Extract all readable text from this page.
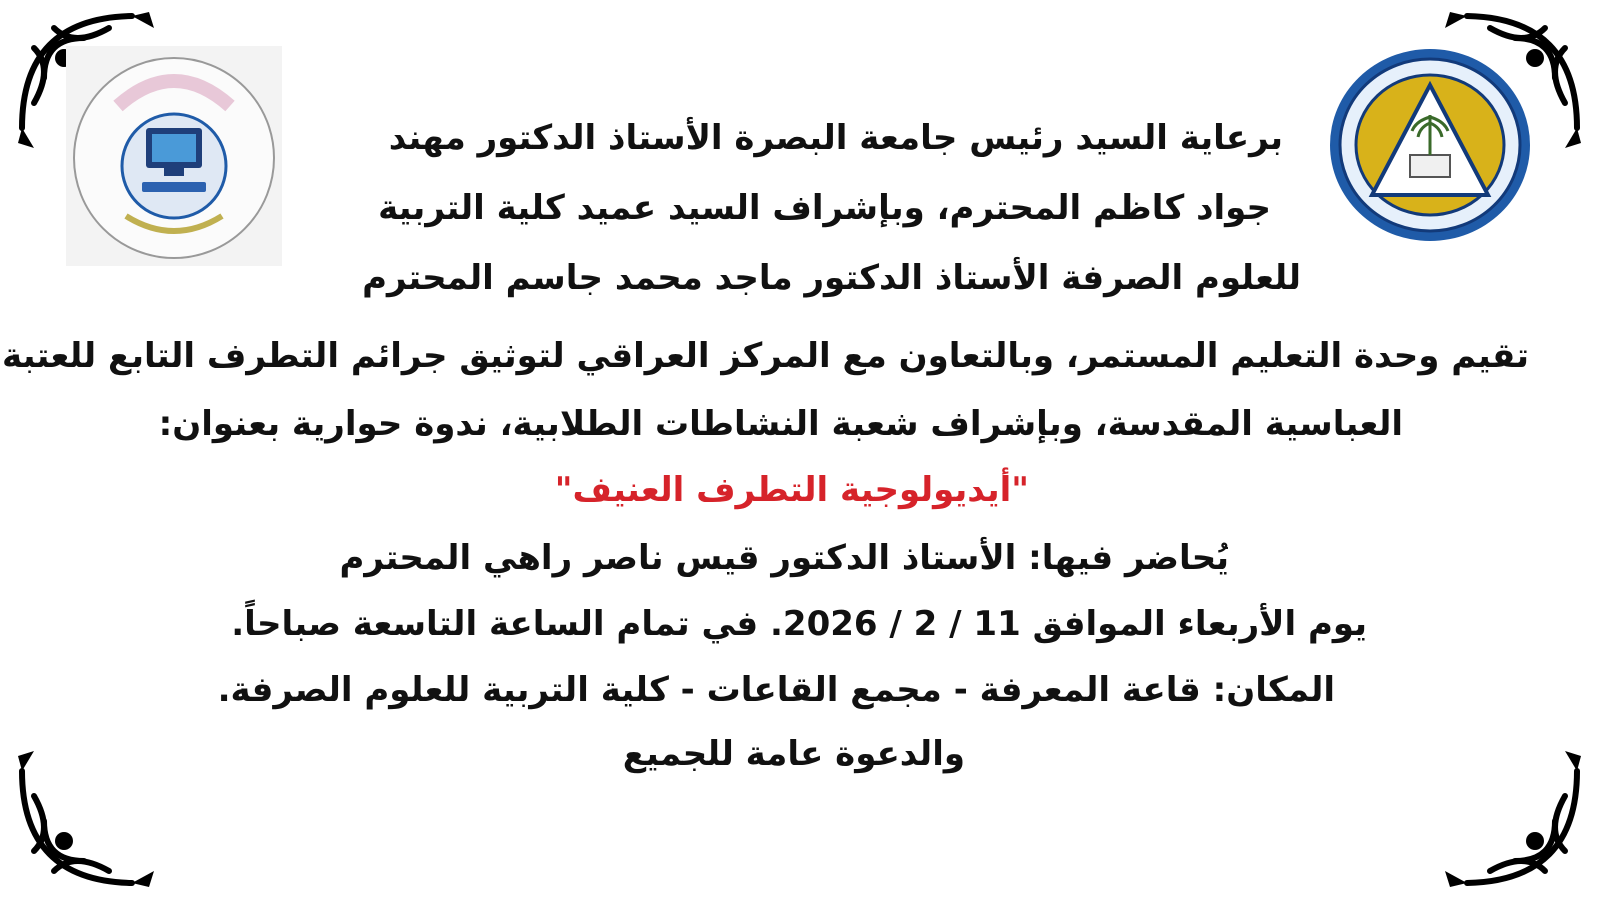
برعاية السيد رئيس جامعة البصرة الأستاذ الدكتور مهند
جواد كاظم المحترم، وبإشراف السيد عميد كلية التربية
للعلوم الصرفة الأستاذ الدكتور ماجد محمد جاسم المحترم
تقيم وحدة التعليم المستمر، وبالتعاون مع المركز العراقي لتوثيق جرائم التطرف التابع للعتبة
العباسية المقدسة، وبإشراف شعبة النشاطات الطلابية، ندوة حوارية بعنوان:
"أيديولوجية التطرف العنيف"
يُحاضر فيها: الأستاذ الدكتور قيس ناصر راهي المحترم
يوم الأربعاء الموافق 11 / 2 / 2026. في تمام الساعة التاسعة صباحاً.
المكان: قاعة المعرفة - مجمع القاعات - كلية التربية للعلوم الصرفة.
والدعوة عامة للجميع
